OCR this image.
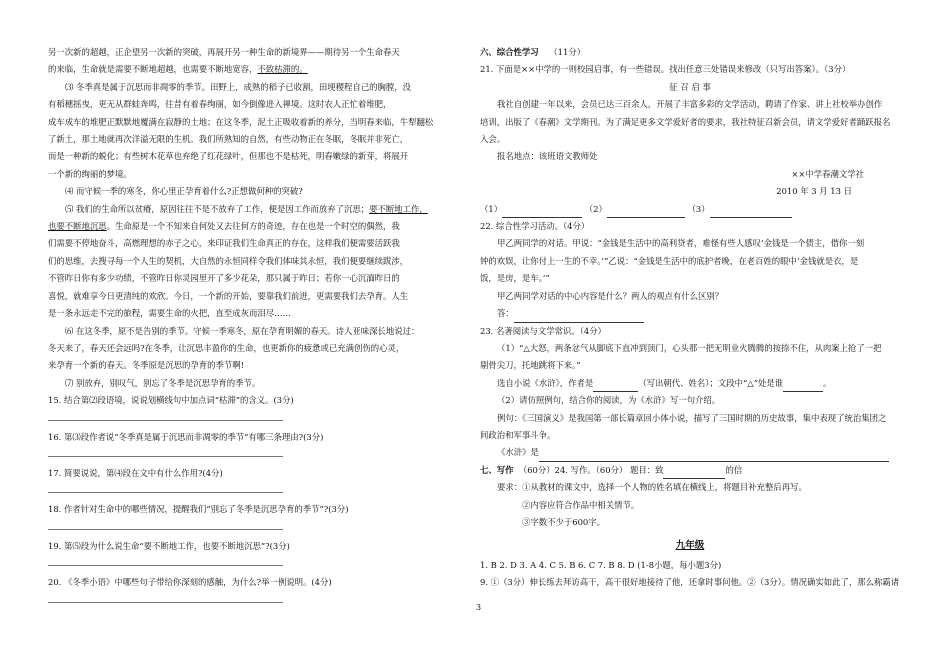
另一次新的超越，正企望另一次新的突破，再展开另一种生命的新境界——期待另一个生命春天

的来临，生命就是需要不断地超越，也需要不断地宽容，不致枯滞的。

⑶ 冬季真是属于沉思而非凋零的季节。田野上，成熟的稻子已收割，田埂稷程自己的胸膛，没

有稻穗摇曳，更无从群蛙奔鸣，往昔有着春绚丽，如今倒像进入禅境。这时农人正忙着堆肥，

成车成车的堆肥正默默地覆满在寂静的土地；在这冬季，泥土正吸收着新的养分，当明春来临，牛犁翻松

了新土，那土地就再次洋溢无限的生机。我们所熟知的自然，有些动物正在冬眠，冬眠并非死亡，

而是一种新的蜕化；有些树木花草也弃绝了红花绿叶，但那也不是枯死，明春嫩绿的新芽，将展开

一个新的绚丽的梦境。

⑷ 而守候一季的寒冬，你心里正孕育着什么?正想做何种的突破?

⑸ 我们的生命所以贫瘠，原因往往不是不放弃了工作，便是因工作而放弃了沉思；要不断地工作，

也要不断地沉思。生命原是一个不知来自何处又去往何方的奇迹，存在也是一个时空的偶然，我

们需要不停地奋斗，高燃理想的赤子之心，来印证我们生命真正的存在，这样我们便需要活跃我

们的思维，去搜寻每一个人生的契机，大自然的永恒同样令我们体味其永恒，我们便要继续跋涉，

不管昨日你有多少功绩，不管昨日你灵园里开了多少花朵，那只属于昨日；若你一心沉湎昨日的

喜悦，就难享今日更清纯的欢欣。今日，一个新的开始，要靠我们前进，更需要我们去孕育。人生

是一条永远走不完的旅程，需要生命的火把，直至成灰而泪尽……

⑹ 在这冬季，原不是告别的季节。守候一季寒冬，原在孕育明媚的春天。诗人亚味深长地说过：

冬天来了，春天还会远吗?在冬季，让沉思丰盈你的生命，也更新你的疲惫或已充满创伤的心灵，

来孕育一个新的春天。冬季原是沉思的孕育的季节啊!

⑺ 别放弃，别叹气，别忘了冬季是沉思孕育的季节。

15. 结合第⑵段语境，说说划横线句中加点词“枯滞”的含义。(3分)

16. 第⑶段作者说“冬季真是属于沉思而非凋零的季节”有哪三条理由?(3分)

17. 简要说说，第⑷段在文中有什么作用?(4分)

18. 作者针对生命中的哪些情况，提醒我们“别忘了冬季是沉思孕育的季节”?(3分)

19. 第⑸段为什么说生命“要不断地工作，也要不断地沉思”?(3分)

20. 《冬季小语》中哪些句子带给你深刻的感触，为什么?举一例说明。(4分)

六、综合性学习 （11分）

21. 下面是××中学的一则校园启事，有一些错误。找出任意三处错误来修改（只写出答案）。（3分）

征 召 启 事

我社自创建一年以来，会员已达三百余人，开展了丰富多彩的文学活动，聘请了作家、讲上社校举办创作

培训，出版了《春潮》文学期刊。为了满足更多文学爱好者的要求，我社特征召新会员，请文学爱好者踊跃报名

入会。

报名地点：该班语文教师处

××中学春潮文学社

2010 年 3 月 13 日

（1）	（2）	（3）

22. 综合性学习活动。（4分）

甲乙两同学的对话。甲说：“金钱是生活中的高利贷者，难怪有些人感叹‘金钱是一个债主，借你一刻

钟的欢娱，让你付上一生的不幸。’”乙说：“金钱是生活中的底护者晚，在老百姓的眼中‘金钱就是衣，是

饭，是房，是车。’”

甲乙两同学对话的中心内容是什么？两人的观点有什么区别？

答：

23. 名著阅读与文学常识。（4分）

（1）“△大怒，两条忿气从脚底下直冲到顶门，心头那一把无明业火腾腾的按捺不住，从肉案上抢了一把

剔骨尖刀，托地跳将下来。”

选自小说《水浒》，作者是	（写出朝代、姓名）；文段中“△”处是谁	。

（2）请仿照例句，结合你的阅读，为《水浒》写一句介绍。

例句：《三国演义》是我国第一部长篇章回小体小说，描写了三国时期的历史故事，集中表现了统治集团之

间政治和军事斗争。

《水浒》是

七、写作 （60分）24. 写作。（60分） 题目：致	的信

要求：①从教材的课文中，选择一个人物的姓名填在横线上，将题目补充整后再写。

②内容应符合作品中相关情节。

③字数不少于600字。

九年级

1. B 2. D 3. A 4. C 5. B 6. C 7. B 8. D (1-8小题，每小题3分)

9. ①（3分）伸长练去拜访高干，高干很好地接待了他，还拿时事问他。②（3分）。情况确实如此了，那么称霸诸

3
